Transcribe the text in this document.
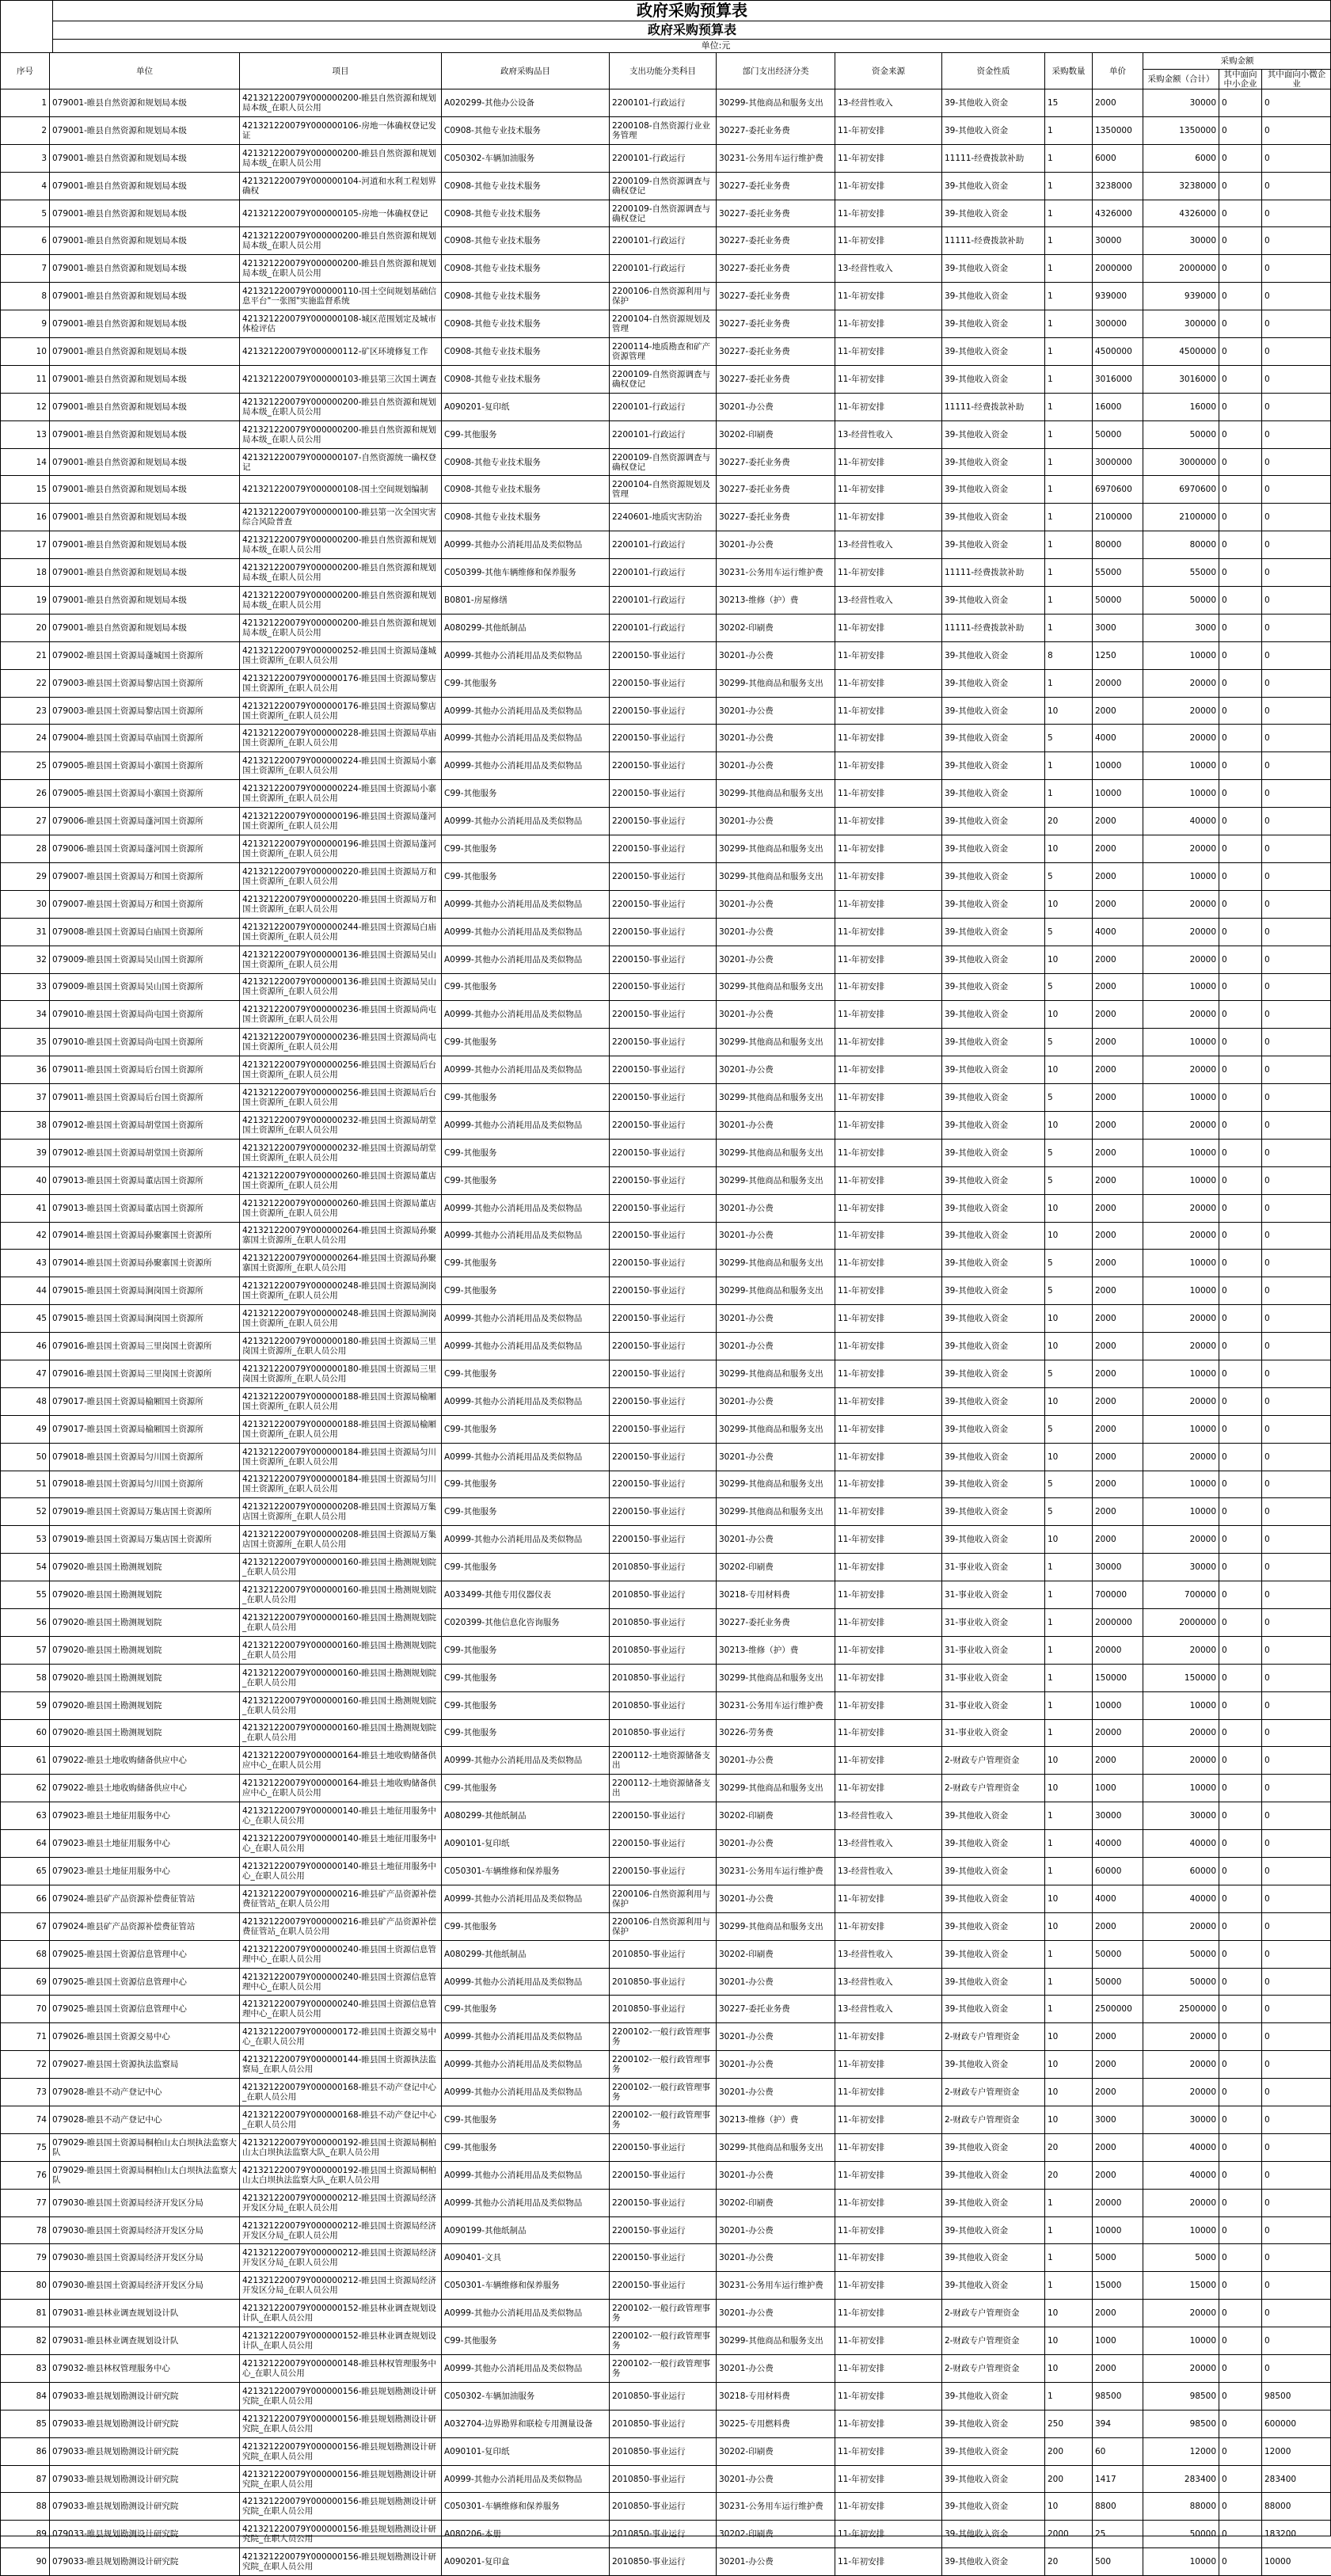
政府采购预算表
政府采购预算表
单位:元
序号	单位	项目	政府采购品目	支出功能分类科目	部门支出经济分类	资金来源	资金性质	采购数量	单价	采购金额		
										采购金额（合计）	其中面向中小企业	其中面向小微企业
1	079001-睢县自然资源和规划局本级	421321220079Y000000200-睢县自然资源和规划局本级_在职人员公用	A020299-其他办公设备	2200101-行政运行	30299-其他商品和服务支出	13-经营性收入	39-其他收入资金	15	2000	30000	0	0
2	079001-睢县自然资源和规划局本级	421321220079Y000000106-房地一体确权登记发证	C0908-其他专业技术服务	2200108-自然资源行业业务管理	30227-委托业务费	11-年初安排	39-其他收入资金	1	1350000	1350000	0	0
3	079001-睢县自然资源和规划局本级	421321220079Y000000200-睢县自然资源和规划局本级_在职人员公用	C050302-车辆加油服务	2200101-行政运行	30231-公务用车运行维护费	11-年初安排	11111-经费拨款补助	1	6000	6000	0	0
4	079001-睢县自然资源和规划局本级	421321220079Y000000104-河道和水利工程划界确权	C0908-其他专业技术服务	2200109-自然资源调查与确权登记	30227-委托业务费	11-年初安排	39-其他收入资金	1	3238000	3238000	0	0
5	079001-睢县自然资源和规划局本级	421321220079Y000000105-房地一体确权登记	C0908-其他专业技术服务	2200109-自然资源调查与确权登记	30227-委托业务费	11-年初安排	39-其他收入资金	1	4326000	4326000	0	0
6	079001-睢县自然资源和规划局本级	421321220079Y000000200-睢县自然资源和规划局本级_在职人员公用	C0908-其他专业技术服务	2200101-行政运行	30227-委托业务费	11-年初安排	11111-经费拨款补助	1	30000	30000	0	0
7	079001-睢县自然资源和规划局本级	421321220079Y000000200-睢县自然资源和规划局本级_在职人员公用	C0908-其他专业技术服务	2200101-行政运行	30227-委托业务费	13-经营性收入	39-其他收入资金	1	2000000	2000000	0	0
8	079001-睢县自然资源和规划局本级	421321220079Y000000110-国土空间规划基础信息平台"一张图"实施监督系统	C0908-其他专业技术服务	2200106-自然资源利用与保护	30227-委托业务费	11-年初安排	39-其他收入资金	1	939000	939000	0	0
9	079001-睢县自然资源和规划局本级	421321220079Y000000108-城区范围划定及城市体检评估	C0908-其他专业技术服务	2200104-自然资源规划及管理	30227-委托业务费	11-年初安排	39-其他收入资金	1	300000	300000	0	0
10	079001-睢县自然资源和规划局本级	421321220079Y000000112-矿区环境修复工作	C0908-其他专业技术服务	2200114-地质勘查和矿产资源管理	30227-委托业务费	11-年初安排	39-其他收入资金	1	4500000	4500000	0	0
11	079001-睢县自然资源和规划局本级	421321220079Y000000103-睢县第三次国土调查	C0908-其他专业技术服务	2200109-自然资源调查与确权登记	30227-委托业务费	11-年初安排	39-其他收入资金	1	3016000	3016000	0	0
12	079001-睢县自然资源和规划局本级	421321220079Y000000200-睢县自然资源和规划局本级_在职人员公用	A090201-复印纸	2200101-行政运行	30201-办公费	11-年初安排	11111-经费拨款补助	1	16000	16000	0	0
13	079001-睢县自然资源和规划局本级	421321220079Y000000200-睢县自然资源和规划局本级_在职人员公用	C99-其他服务	2200101-行政运行	30202-印刷费	13-经营性收入	39-其他收入资金	1	50000	50000	0	0
14	079001-睢县自然资源和规划局本级	421321220079Y000000107-自然资源统一确权登记	C0908-其他专业技术服务	2200109-自然资源调查与确权登记	30227-委托业务费	11-年初安排	39-其他收入资金	1	3000000	3000000	0	0
15	079001-睢县自然资源和规划局本级	421321220079Y000000108-国土空间规划编制	C0908-其他专业技术服务	2200104-自然资源规划及管理	30227-委托业务费	11-年初安排	39-其他收入资金	1	6970600	6970600	0	0
16	079001-睢县自然资源和规划局本级	421321220079Y000000100-睢县第一次全国灾害综合风险普查	C0908-其他专业技术服务	2240601-地质灾害防治	30227-委托业务费	11-年初安排	39-其他收入资金	1	2100000	2100000	0	0
17	079001-睢县自然资源和规划局本级	421321220079Y000000200-睢县自然资源和规划局本级_在职人员公用	A0999-其他办公消耗用品及类似物品	2200101-行政运行	30201-办公费	13-经营性收入	39-其他收入资金	1	80000	80000	0	0
18	079001-睢县自然资源和规划局本级	421321220079Y000000200-睢县自然资源和规划局本级_在职人员公用	C050399-其他车辆维修和保养服务	2200101-行政运行	30231-公务用车运行维护费	11-年初安排	11111-经费拨款补助	1	55000	55000	0	0
19	079001-睢县自然资源和规划局本级	421321220079Y000000200-睢县自然资源和规划局本级_在职人员公用	B0801-房屋修缮	2200101-行政运行	30213-维修（护）费	13-经营性收入	39-其他收入资金	1	50000	50000	0	0
20	079001-睢县自然资源和规划局本级	421321220079Y000000200-睢县自然资源和规划局本级_在职人员公用	A080299-其他纸制品	2200101-行政运行	30202-印刷费	11-年初安排	11111-经费拨款补助	1	3000	3000	0	0
21	079002-睢县国土资源局蓬城国土资源所	421321220079Y000000252-睢县国土资源局蓬城国土资源所_在职人员公用	A0999-其他办公消耗用品及类似物品	2200150-事业运行	30201-办公费	11-年初安排	39-其他收入资金	8	1250	10000	0	0
22	079003-睢县国土资源局黎店国土资源所	421321220079Y000000176-睢县国土资源局黎店国土资源所_在职人员公用	C99-其他服务	2200150-事业运行	30299-其他商品和服务支出	11-年初安排	39-其他收入资金	1	20000	20000	0	0
23	079003-睢县国土资源局黎店国土资源所	421321220079Y000000176-睢县国土资源局黎店国土资源所_在职人员公用	A0999-其他办公消耗用品及类似物品	2200150-事业运行	30201-办公费	11-年初安排	39-其他收入资金	10	2000	20000	0	0
24	079004-睢县国土资源局草庙国土资源所	421321220079Y000000228-睢县国土资源局草庙国土资源所_在职人员公用	A0999-其他办公消耗用品及类似物品	2200150-事业运行	30201-办公费	11-年初安排	39-其他收入资金	5	4000	20000	0	0
25	079005-睢县国土资源局小寨国土资源所	421321220079Y000000224-睢县国土资源局小寨国土资源所_在职人员公用	A0999-其他办公消耗用品及类似物品	2200150-事业运行	30201-办公费	11-年初安排	39-其他收入资金	1	10000	10000	0	0
26	079005-睢县国土资源局小寨国土资源所	421321220079Y000000224-睢县国土资源局小寨国土资源所_在职人员公用	C99-其他服务	2200150-事业运行	30299-其他商品和服务支出	11-年初安排	39-其他收入资金	1	10000	10000	0	0
27	079006-睢县国土资源局蓬河国土资源所	421321220079Y000000196-睢县国土资源局蓬河国土资源所_在职人员公用	A0999-其他办公消耗用品及类似物品	2200150-事业运行	30201-办公费	11-年初安排	39-其他收入资金	20	2000	40000	0	0
28	079006-睢县国土资源局蓬河国土资源所	421321220079Y000000196-睢县国土资源局蓬河国土资源所_在职人员公用	C99-其他服务	2200150-事业运行	30299-其他商品和服务支出	11-年初安排	39-其他收入资金	10	2000	20000	0	0
29	079007-睢县国土资源局万和国土资源所	421321220079Y000000220-睢县国土资源局万和国土资源所_在职人员公用	C99-其他服务	2200150-事业运行	30299-其他商品和服务支出	11-年初安排	39-其他收入资金	5	2000	10000	0	0
30	079007-睢县国土资源局万和国土资源所	421321220079Y000000220-睢县国土资源局万和国土资源所_在职人员公用	A0999-其他办公消耗用品及类似物品	2200150-事业运行	30201-办公费	11-年初安排	39-其他收入资金	10	2000	20000	0	0
31	079008-睢县国土资源局白庙国土资源所	421321220079Y000000244-睢县国土资源局白庙国土资源所_在职人员公用	A0999-其他办公消耗用品及类似物品	2200150-事业运行	30201-办公费	11-年初安排	39-其他收入资金	5	4000	20000	0	0
32	079009-睢县国土资源局吴山国土资源所	421321220079Y000000136-睢县国土资源局吴山国土资源所_在职人员公用	A0999-其他办公消耗用品及类似物品	2200150-事业运行	30201-办公费	11-年初安排	39-其他收入资金	10	2000	20000	0	0
33	079009-睢县国土资源局吴山国土资源所	421321220079Y000000136-睢县国土资源局吴山国土资源所_在职人员公用	C99-其他服务	2200150-事业运行	30299-其他商品和服务支出	11-年初安排	39-其他收入资金	5	2000	10000	0	0
34	079010-睢县国土资源局尚屯国土资源所	421321220079Y000000236-睢县国土资源局尚屯国土资源所_在职人员公用	A0999-其他办公消耗用品及类似物品	2200150-事业运行	30201-办公费	11-年初安排	39-其他收入资金	10	2000	20000	0	0
35	079010-睢县国土资源局尚屯国土资源所	421321220079Y000000236-睢县国土资源局尚屯国土资源所_在职人员公用	C99-其他服务	2200150-事业运行	30299-其他商品和服务支出	11-年初安排	39-其他收入资金	5	2000	10000	0	0
36	079011-睢县国土资源局后台国土资源所	421321220079Y000000256-睢县国土资源局后台国土资源所_在职人员公用	A0999-其他办公消耗用品及类似物品	2200150-事业运行	30201-办公费	11-年初安排	39-其他收入资金	10	2000	20000	0	0
37	079011-睢县国土资源局后台国土资源所	421321220079Y000000256-睢县国土资源局后台国土资源所_在职人员公用	C99-其他服务	2200150-事业运行	30299-其他商品和服务支出	11-年初安排	39-其他收入资金	5	2000	10000	0	0
38	079012-睢县国土资源局胡堂国土资源所	421321220079Y000000232-睢县国土资源局胡堂国土资源所_在职人员公用	A0999-其他办公消耗用品及类似物品	2200150-事业运行	30201-办公费	11-年初安排	39-其他收入资金	10	2000	20000	0	0
39	079012-睢县国土资源局胡堂国土资源所	421321220079Y000000232-睢县国土资源局胡堂国土资源所_在职人员公用	C99-其他服务	2200150-事业运行	30299-其他商品和服务支出	11-年初安排	39-其他收入资金	5	2000	10000	0	0
40	079013-睢县国土资源局董店国土资源所	421321220079Y000000260-睢县国土资源局董店国土资源所_在职人员公用	C99-其他服务	2200150-事业运行	30299-其他商品和服务支出	11-年初安排	39-其他收入资金	5	2000	10000	0	0
41	079013-睢县国土资源局董店国土资源所	421321220079Y000000260-睢县国土资源局董店国土资源所_在职人员公用	A0999-其他办公消耗用品及类似物品	2200150-事业运行	30201-办公费	11-年初安排	39-其他收入资金	10	2000	20000	0	0
42	079014-睢县国土资源局孙聚寨国土资源所	421321220079Y000000264-睢县国土资源局孙聚寨国土资源所_在职人员公用	A0999-其他办公消耗用品及类似物品	2200150-事业运行	30201-办公费	11-年初安排	39-其他收入资金	10	2000	20000	0	0
43	079014-睢县国土资源局孙聚寨国土资源所	421321220079Y000000264-睢县国土资源局孙聚寨国土资源所_在职人员公用	C99-其他服务	2200150-事业运行	30299-其他商品和服务支出	11-年初安排	39-其他收入资金	5	2000	10000	0	0
44	079015-睢县国土资源局涧岗国土资源所	421321220079Y000000248-睢县国土资源局涧岗国土资源所_在职人员公用	C99-其他服务	2200150-事业运行	30299-其他商品和服务支出	11-年初安排	39-其他收入资金	5	2000	10000	0	0
45	079015-睢县国土资源局涧岗国土资源所	421321220079Y000000248-睢县国土资源局涧岗国土资源所_在职人员公用	A0999-其他办公消耗用品及类似物品	2200150-事业运行	30201-办公费	11-年初安排	39-其他收入资金	10	2000	20000	0	0
46	079016-睢县国土资源局三里岗国土资源所	421321220079Y000000180-睢县国土资源局三里岗国土资源所_在职人员公用	A0999-其他办公消耗用品及类似物品	2200150-事业运行	30201-办公费	11-年初安排	39-其他收入资金	10	2000	20000	0	0
47	079016-睢县国土资源局三里岗国土资源所	421321220079Y000000180-睢县国土资源局三里岗国土资源所_在职人员公用	C99-其他服务	2200150-事业运行	30299-其他商品和服务支出	11-年初安排	39-其他收入资金	5	2000	10000	0	0
48	079017-睢县国土资源局榆厢国土资源所	421321220079Y000000188-睢县国土资源局榆厢国土资源所_在职人员公用	A0999-其他办公消耗用品及类似物品	2200150-事业运行	30201-办公费	11-年初安排	39-其他收入资金	10	2000	20000	0	0
49	079017-睢县国土资源局榆厢国土资源所	421321220079Y000000188-睢县国土资源局榆厢国土资源所_在职人员公用	C99-其他服务	2200150-事业运行	30299-其他商品和服务支出	11-年初安排	39-其他收入资金	5	2000	10000	0	0
50	079018-睢县国土资源局匀川国土资源所	421321220079Y000000184-睢县国土资源局匀川国土资源所_在职人员公用	A0999-其他办公消耗用品及类似物品	2200150-事业运行	30201-办公费	11-年初安排	39-其他收入资金	10	2000	20000	0	0
51	079018-睢县国土资源局匀川国土资源所	421321220079Y000000184-睢县国土资源局匀川国土资源所_在职人员公用	C99-其他服务	2200150-事业运行	30299-其他商品和服务支出	11-年初安排	39-其他收入资金	5	2000	10000	0	0
52	079019-睢县国土资源局万集店国土资源所	421321220079Y000000208-睢县国土资源局万集店国土资源所_在职人员公用	C99-其他服务	2200150-事业运行	30299-其他商品和服务支出	11-年初安排	39-其他收入资金	5	2000	10000	0	0
53	079019-睢县国土资源局万集店国土资源所	421321220079Y000000208-睢县国土资源局万集店国土资源所_在职人员公用	A0999-其他办公消耗用品及类似物品	2200150-事业运行	30201-办公费	11-年初安排	39-其他收入资金	10	2000	20000	0	0
54	079020-睢县国土勘测规划院	421321220079Y000000160-睢县国土勘测规划院_在职人员公用	C99-其他服务	2010850-事业运行	30202-印刷费	11-年初安排	31-事业收入资金	1	30000	30000	0	0
55	079020-睢县国土勘测规划院	421321220079Y000000160-睢县国土勘测规划院_在职人员公用	A033499-其他专用仪器仪表	2010850-事业运行	30218-专用材料费	11-年初安排	31-事业收入资金	1	700000	700000	0	0
56	079020-睢县国土勘测规划院	421321220079Y000000160-睢县国土勘测规划院_在职人员公用	C020399-其他信息化咨询服务	2010850-事业运行	30227-委托业务费	11-年初安排	31-事业收入资金	1	2000000	2000000	0	0
57	079020-睢县国土勘测规划院	421321220079Y000000160-睢县国土勘测规划院_在职人员公用	C99-其他服务	2010850-事业运行	30213-维修（护）费	11-年初安排	31-事业收入资金	1	20000	20000	0	0
58	079020-睢县国土勘测规划院	421321220079Y000000160-睢县国土勘测规划院_在职人员公用	C99-其他服务	2010850-事业运行	30299-其他商品和服务支出	11-年初安排	31-事业收入资金	1	150000	150000	0	0
59	079020-睢县国土勘测规划院	421321220079Y000000160-睢县国土勘测规划院_在职人员公用	C99-其他服务	2010850-事业运行	30231-公务用车运行维护费	11-年初安排	31-事业收入资金	1	10000	10000	0	0
60	079020-睢县国土勘测规划院	421321220079Y000000160-睢县国土勘测规划院_在职人员公用	C99-其他服务	2010850-事业运行	30226-劳务费	11-年初安排	31-事业收入资金	1	20000	20000	0	0
61	079022-睢县土地收购储备供应中心	421321220079Y000000164-睢县土地收购储备供应中心_在职人员公用	A0999-其他办公消耗用品及类似物品	2200112-土地资源储备支出	30201-办公费	11-年初安排	2-财政专户管理资金	10	2000	20000	0	0
62	079022-睢县土地收购储备供应中心	421321220079Y000000164-睢县土地收购储备供应中心_在职人员公用	C99-其他服务	2200112-土地资源储备支出	30299-其他商品和服务支出	11-年初安排	2-财政专户管理资金	10	1000	10000	0	0
63	079023-睢县土地征用服务中心	421321220079Y000000140-睢县土地征用服务中心_在职人员公用	A080299-其他纸制品	2200150-事业运行	30202-印刷费	13-经营性收入	39-其他收入资金	1	30000	30000	0	0
64	079023-睢县土地征用服务中心	421321220079Y000000140-睢县土地征用服务中心_在职人员公用	A090101-复印纸	2200150-事业运行	30201-办公费	13-经营性收入	39-其他收入资金	1	40000	40000	0	0
65	079023-睢县土地征用服务中心	421321220079Y000000140-睢县土地征用服务中心_在职人员公用	C050301-车辆维修和保养服务	2200150-事业运行	30231-公务用车运行维护费	13-经营性收入	39-其他收入资金	1	60000	60000	0	0
66	079024-睢县矿产品资源补偿费征管站	421321220079Y000000216-睢县矿产品资源补偿费征管站_在职人员公用	A0999-其他办公消耗用品及类似物品	2200106-自然资源利用与保护	30201-办公费	11-年初安排	39-其他收入资金	10	4000	40000	0	0
67	079024-睢县矿产品资源补偿费征管站	421321220079Y000000216-睢县矿产品资源补偿费征管站_在职人员公用	C99-其他服务	2200106-自然资源利用与保护	30299-其他商品和服务支出	11-年初安排	39-其他收入资金	10	2000	20000	0	0
68	079025-睢县国土资源信息管理中心	421321220079Y000000240-睢县国土资源信息管理中心_在职人员公用	A080299-其他纸制品	2010850-事业运行	30202-印刷费	13-经营性收入	39-其他收入资金	1	50000	50000	0	0
69	079025-睢县国土资源信息管理中心	421321220079Y000000240-睢县国土资源信息管理中心_在职人员公用	A0999-其他办公消耗用品及类似物品	2010850-事业运行	30201-办公费	13-经营性收入	39-其他收入资金	1	50000	50000	0	0
70	079025-睢县国土资源信息管理中心	421321220079Y000000240-睢县国土资源信息管理中心_在职人员公用	C99-其他服务	2010850-事业运行	30227-委托业务费	13-经营性收入	39-其他收入资金	1	2500000	2500000	0	0
71	079026-睢县国土资源交易中心	421321220079Y000000172-睢县国土资源交易中心_在职人员公用	A0999-其他办公消耗用品及类似物品	2200102-一般行政管理事务	30201-办公费	11-年初安排	2-财政专户管理资金	10	2000	20000	0	0
72	079027-睢县国土资源执法监察局	421321220079Y000000144-睢县国土资源执法监察局_在职人员公用	A0999-其他办公消耗用品及类似物品	2200102-一般行政管理事务	30201-办公费	11-年初安排	39-其他收入资金	10	2000	20000	0	0
73	079028-睢县不动产登记中心	421321220079Y000000168-睢县不动产登记中心_在职人员公用	A0999-其他办公消耗用品及类似物品	2200102-一般行政管理事务	30201-办公费	11-年初安排	2-财政专户管理资金	10	2000	20000	0	0
74	079028-睢县不动产登记中心	421321220079Y000000168-睢县不动产登记中心_在职人员公用	C99-其他服务	2200102-一般行政管理事务	30213-维修（护）费	11-年初安排	2-财政专户管理资金	10	3000	30000	0	0
75	079029-睢县国土资源局桐柏山太白坝执法监察大队	421321220079Y000000192-睢县国土资源局桐柏山太白坝执法监察大队_在职人员公用	C99-其他服务	2200150-事业运行	30299-其他商品和服务支出	11-年初安排	39-其他收入资金	20	2000	40000	0	0
76	079029-睢县国土资源局桐柏山太白坝执法监察大队	421321220079Y000000192-睢县国土资源局桐柏山太白坝执法监察大队_在职人员公用	A0999-其他办公消耗用品及类似物品	2200150-事业运行	30201-办公费	11-年初安排	39-其他收入资金	20	2000	40000	0	0
77	079030-睢县国土资源局经济开发区分局	421321220079Y000000212-睢县国土资源局经济开发区分局_在职人员公用	A0999-其他办公消耗用品及类似物品	2200150-事业运行	30202-印刷费	11-年初安排	39-其他收入资金	1	20000	20000	0	0
78	079030-睢县国土资源局经济开发区分局	421321220079Y000000212-睢县国土资源局经济开发区分局_在职人员公用	A090199-其他纸制品	2200150-事业运行	30201-办公费	11-年初安排	39-其他收入资金	1	10000	10000	0	0
79	079030-睢县国土资源局经济开发区分局	421321220079Y000000212-睢县国土资源局经济开发区分局_在职人员公用	A090401-文具	2200150-事业运行	30201-办公费	11-年初安排	39-其他收入资金	1	5000	5000	0	0
80	079030-睢县国土资源局经济开发区分局	421321220079Y000000212-睢县国土资源局经济开发区分局_在职人员公用	C050301-车辆维修和保养服务	2200150-事业运行	30231-公务用车运行维护费	11-年初安排	39-其他收入资金	1	15000	15000	0	0
81	079031-睢县林业调查规划设计队	421321220079Y000000152-睢县林业调查规划设计队_在职人员公用	A0999-其他办公消耗用品及类似物品	2200102-一般行政管理事务	30201-办公费	11-年初安排	2-财政专户管理资金	10	2000	20000	0	0
82	079031-睢县林业调查规划设计队	421321220079Y000000152-睢县林业调查规划设计队_在职人员公用	C99-其他服务	2200102-一般行政管理事务	30299-其他商品和服务支出	11-年初安排	2-财政专户管理资金	10	1000	10000	0	0
83	079032-睢县林权管理服务中心	421321220079Y000000148-睢县林权管理服务中心_在职人员公用	A0999-其他办公消耗用品及类似物品	2200102-一般行政管理事务	30201-办公费	11-年初安排	2-财政专户管理资金	10	2000	20000	0	0
84	079033-睢县规划勘测设计研究院	421321220079Y000000156-睢县规划勘测设计研究院_在职人员公用	C050302-车辆加油服务	2010850-事业运行	30218-专用材料费	11-年初安排	39-其他收入资金	1	98500	98500	0	98500
85	079033-睢县规划勘测设计研究院	421321220079Y000000156-睢县规划勘测设计研究院_在职人员公用	A032704-边界勘界和联检专用测量设备	2010850-事业运行	30225-专用燃料费	11-年初安排	39-其他收入资金	250	394	98500	0	600000
86	079033-睢县规划勘测设计研究院	421321220079Y000000156-睢县规划勘测设计研究院_在职人员公用	A090101-复印纸	2010850-事业运行	30202-印刷费	11-年初安排	39-其他收入资金	200	60	12000	0	12000
87	079033-睢县规划勘测设计研究院	421321220079Y000000156-睢县规划勘测设计研究院_在职人员公用	A0999-其他办公消耗用品及类似物品	2010850-事业运行	30201-办公费	11-年初安排	39-其他收入资金	200	1417	283400	0	283400
88	079033-睢县规划勘测设计研究院	421321220079Y000000156-睢县规划勘测设计研究院_在职人员公用	C050301-车辆维修和保养服务	2010850-事业运行	30231-公务用车运行维护费	11-年初安排	39-其他收入资金	10	8800	88000	0	88000
89	079033-睢县规划勘测设计研究院	421321220079Y000000156-睢县规划勘测设计研究院_在职人员公用	A080206-本册	2010850-事业运行	30202-印刷费	11-年初安排	39-其他收入资金	2000	25	50000	0	183200
90	079033-睢县规划勘测设计研究院	421321220079Y000000156-睢县规划勘测设计研究院_在职人员公用	A090201-复印盒	2010850-事业运行	30201-办公费	11-年初安排	39-其他收入资金	20	500	10000	0	10000
